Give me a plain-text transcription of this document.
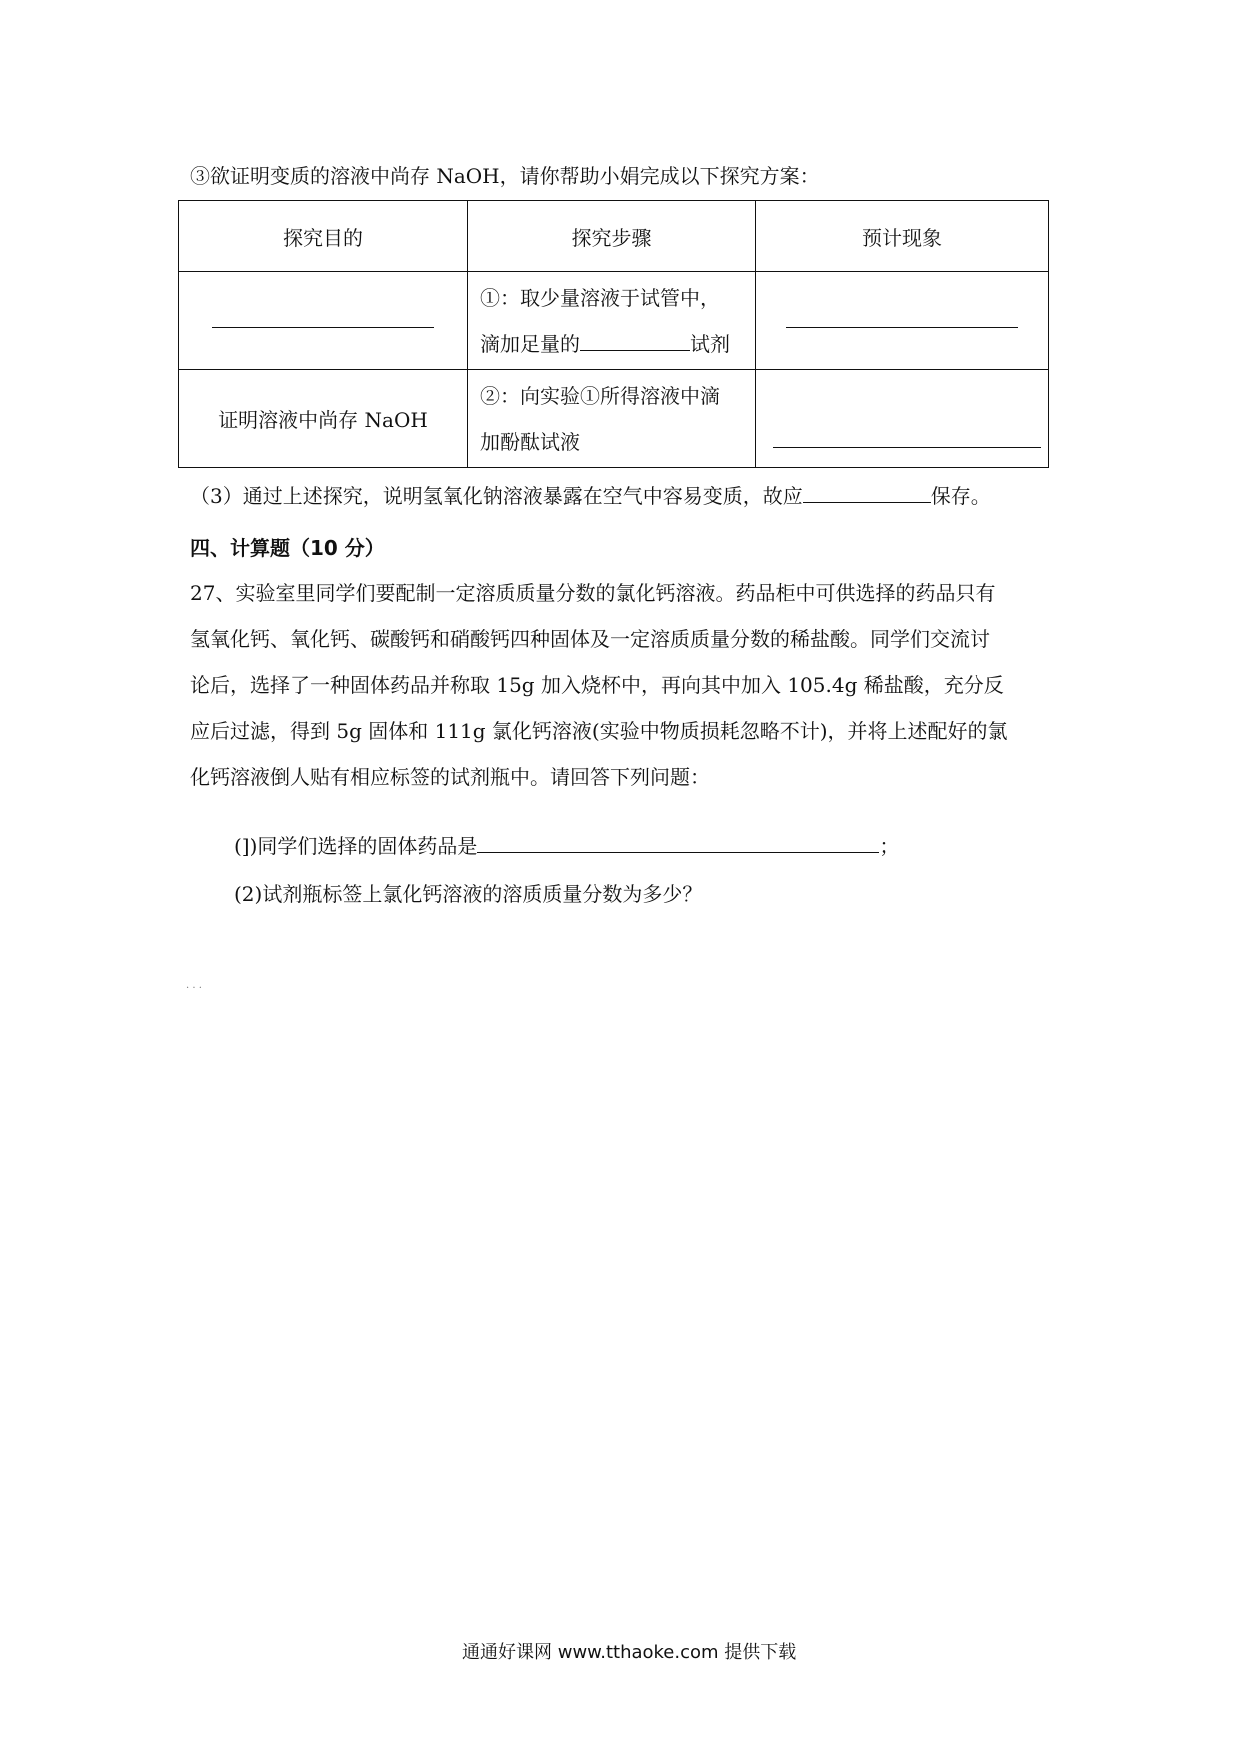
③欲证明变质的溶液中尚存 NaOH，请你帮助小娟完成以下探究方案：
探究目的	探究步骤	预计现象

	①：取少量溶液于试管中，
滴加足量的 试剂	

证明溶液中尚存 NaOH	②：向实验①所得溶液中滴
加酚酞试液	

（3）通过上述探究，说明氢氧化钠溶液暴露在空气中容易变质，故应	保存。
四、计算题（10 分）
27、实验室里同学们要配制一定溶质质量分数的氯化钙溶液。药品柜中可供选择的药品只有
氢氧化钙、氧化钙、碳酸钙和硝酸钙四种固体及一定溶质质量分数的稀盐酸。同学们交流讨
论后，选择了一种固体药品并称取 15g 加入烧杯中，再向其中加入 105.4g 稀盐酸，充分反
应后过滤，得到 5g 固体和 111g 氯化钙溶液(实验中物质损耗忽略不计)，并将上述配好的氯
化钙溶液倒人贴有相应标签的试剂瓶中。请回答下列问题：
(])同学们选择的固体药品是	；
(2)试剂瓶标签上氯化钙溶液的溶质质量分数为多少？
. . .
通通好课网 www.tthaoke.com 提供下载
